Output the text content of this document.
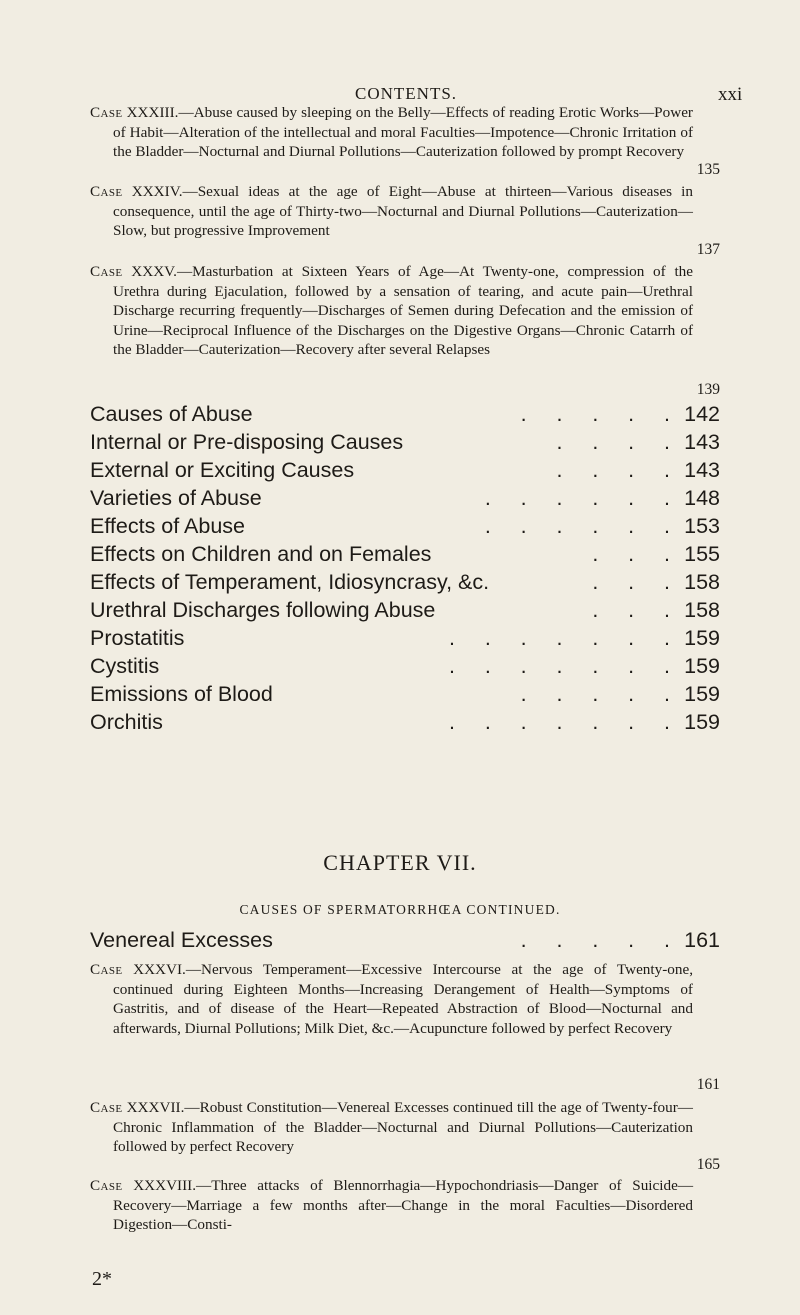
CONTENTS.	xxi
Case XXXIII.—Abuse caused by sleeping on the Belly—Effects of reading Erotic Works—Power of Habit—Alteration of the intellectual and moral Faculties—Impotence—Chronic Irritation of the Bladder—Nocturnal and Diurnal Pollutions—Cauterization followed by prompt Recovery
135
Case XXXIV.—Sexual ideas at the age of Eight—Abuse at thirteen—Various diseases in consequence, until the age of Thirty-two—Nocturnal and Diurnal Pollutions—Cauterization—Slow, but progressive Improvement
137
Case XXXV.—Masturbation at Sixteen Years of Age—At Twenty-one, compression of the Urethra during Ejaculation, followed by a sensation of tearing, and acute pain—Urethral Discharge recurring frequently—Discharges of Semen during Defecation and the emission of Urine—Reciprocal Influence of the Discharges on the Digestive Organs—Chronic Catarrh of the Bladder—Cauterization—Recovery after several Relapses
139
.     .     .     .     .
Causes of Abuse	142
.     .     .     .
Internal or Pre-disposing Causes	143
.     .     .     .
External or Exciting Causes	143
.     .     .     .     .     .
Varieties of Abuse	148
.     .     .     .     .     .
Effects of Abuse	153
.     .     .
Effects on Children and on Females	155
.     .     .
Effects of Temperament, Idiosyncrasy, &c.	158
.     .     .
Urethral Discharges following Abuse	158
.     .     .     .     .     .     .
Prostatitis	159
.     .     .     .     .     .     .
Cystitis	159
.     .     .     .     .
Emissions of Blood	159
.     .     .     .     .     .     .
Orchitis	159
CHAPTER VII.
CAUSES OF SPERMATORRHŒA CONTINUED.
.     .     .     .     .
Venereal Excesses	161
Case XXXVI.—Nervous Temperament—Excessive Intercourse at the age of Twenty-one, continued during Eighteen Months—Increasing Derangement of Health—Symptoms of Gastritis, and of disease of the Heart—Repeated Abstraction of Blood—Nocturnal and afterwards, Diurnal Pollutions; Milk Diet, &c.—Acupuncture followed by perfect Recovery
161
Case XXXVII.—Robust Constitution—Venereal Excesses continued till the age of Twenty-four—Chronic Inflammation of the Bladder—Nocturnal and Diurnal Pollutions—Cauterization followed by perfect Recovery
165
Case XXXVIII.—Three attacks of Blennorrhagia—Hypochondriasis—Danger of Suicide—Recovery—Marriage a few months after—Change in the moral Faculties—Disordered Digestion—Consti-
2*
